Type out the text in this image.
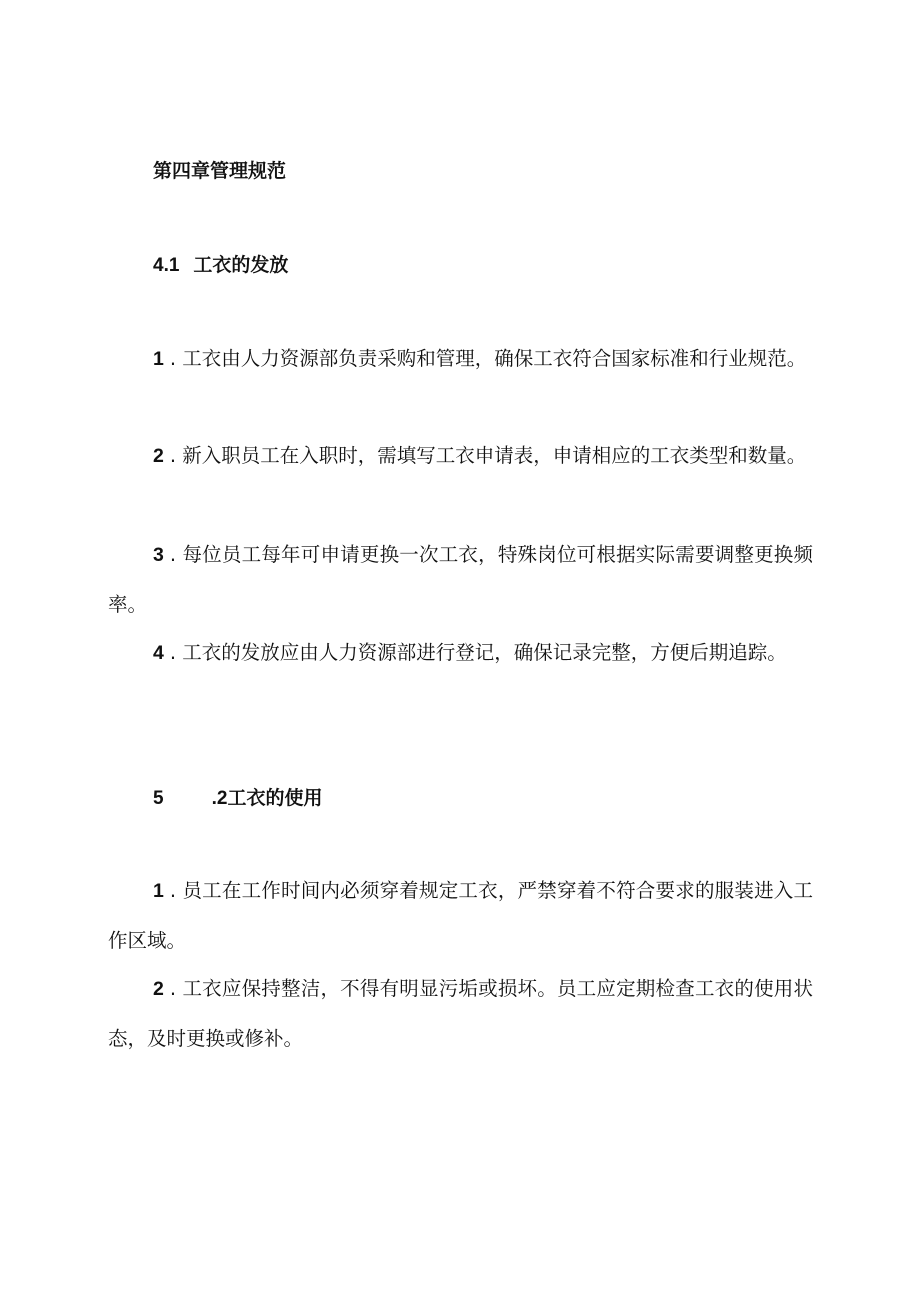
第四章管理规范
4.1 工衣的发放

1 . 工衣由人力资源部负责采购和管理，确保工衣符合国家标准和行业规范。

2 . 新入职员工在入职时，需填写工衣申请表，申请相应的工衣类型和数量。

3 . 每位员工每年可申请更换一次工衣，特殊岗位可根据实际需要调整更换频率。

4 . 工衣的发放应由人力资源部进行登记，确保记录完整，方便后期追踪。

5	.2工衣的使用

1 . 员工在工作时间内必须穿着规定工衣，严禁穿着不符合要求的服装进入工作区域。

2 . 工衣应保持整洁，不得有明显污垢或损坏。员工应定期检查工衣的使用状态，及时更换或修补。
